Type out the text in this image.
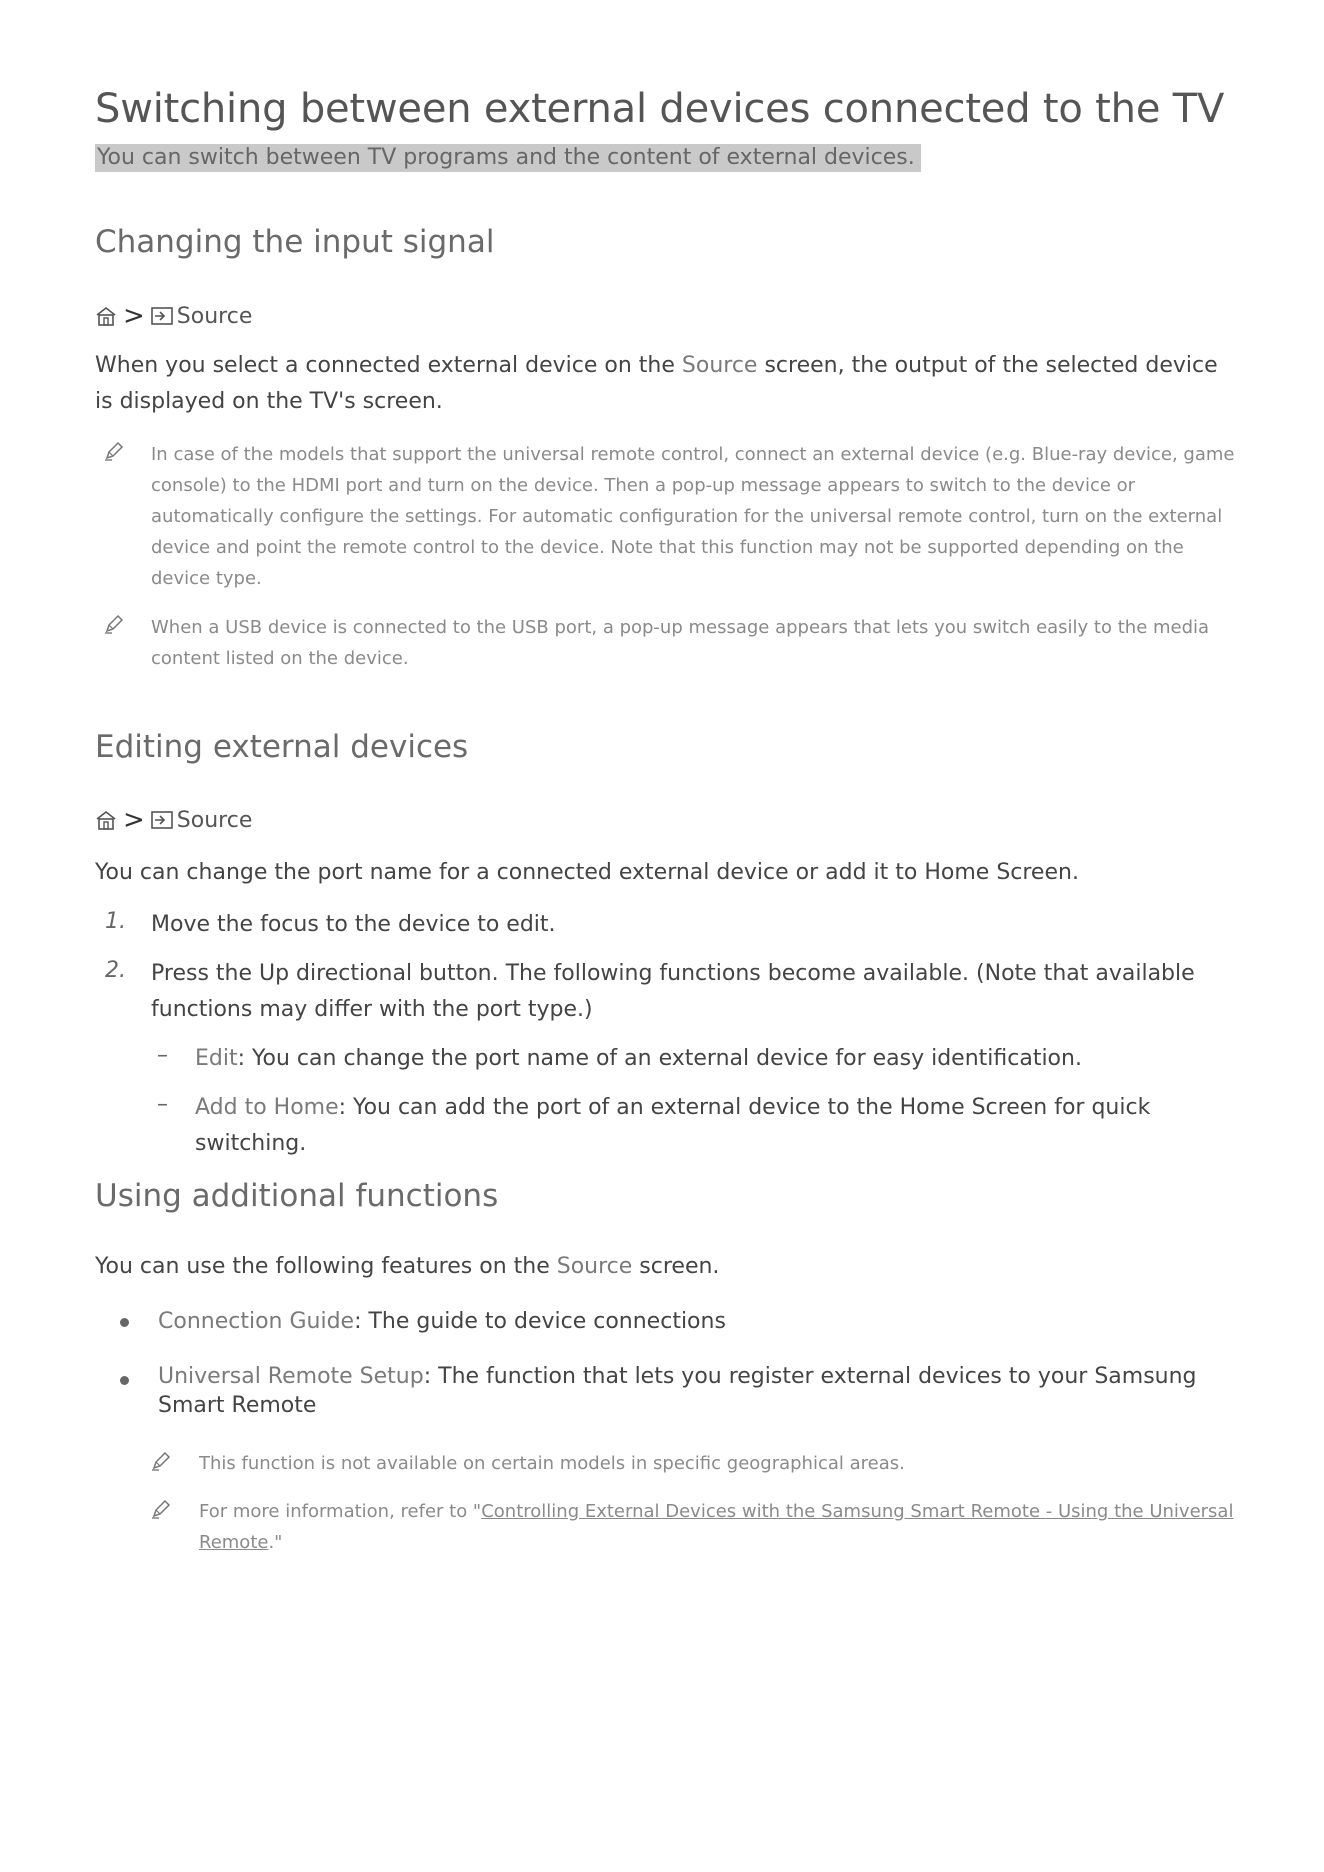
Switching between external devices connected to the TV
You can switch between TV programs and the content of external devices.
Changing the input signal
> Source

When you select a connected external device on the Source screen, the output of the selected device is displayed on the TV's screen.

In case of the models that support the universal remote control, connect an external device (e.g. Blue-ray device, game console) to the HDMI port and turn on the device. Then a pop-up message appears to switch to the device or automatically configure the settings. For automatic configuration for the universal remote control, turn on the external device and point the remote control to the device. Note that this function may not be supported depending on the device type.

When a USB device is connected to the USB port, a pop-up message appears that lets you switch easily to the media content listed on the device.

Editing external devices
> Source

You can change the port name for a connected external device or add it to Home Screen.

1. Move the focus to the device to edit.

2. Press the Up directional button. The following functions become available. (Note that available functions may differ with the port type.)

– Edit: You can change the port name of an external device for easy identification.

– Add to Home: You can add the port of an external device to the Home Screen for quick switching.

Using additional functions

You can use the following features on the Source screen.

Connection Guide: The guide to device connections

Universal Remote Setup: The function that lets you register external devices to your Samsung Smart Remote

This function is not available on certain models in specific geographical areas.

For more information, refer to "Controlling External Devices with the Samsung Smart Remote - Using the Universal Remote."
